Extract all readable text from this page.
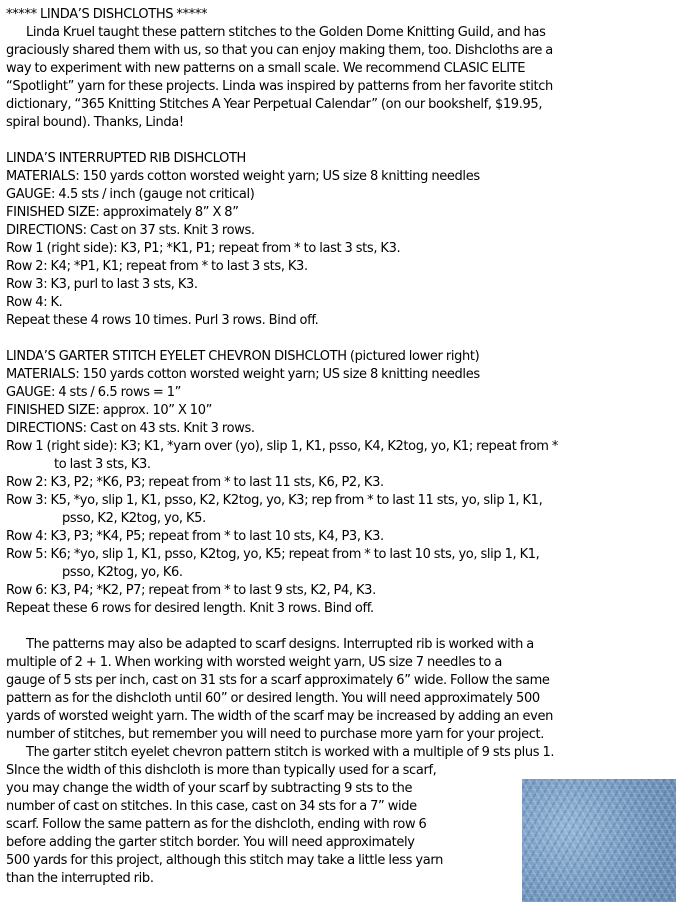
***** LINDA’S DISHCLOTHS *****
Linda Kruel taught these pattern stitches to the Golden Dome Knitting Guild, and has
graciously shared them with us, so that you can enjoy making them, too. Dishcloths are a
way to experiment with new patterns on a small scale. We recommend CLASIC ELITE
“Spotlight” yarn for these projects. Linda was inspired by patterns from her favorite stitch
dictionary, “365 Knitting Stitches A Year Perpetual Calendar” (on our bookshelf, $19.95,
spiral bound). Thanks, Linda!
LINDA’S INTERRUPTED RIB DISHCLOTH
MATERIALS: 150 yards cotton worsted weight yarn; US size 8 knitting needles
GAUGE: 4.5 sts / inch (gauge not critical)
FINISHED SIZE: approximately 8” X 8”
DIRECTIONS: Cast on 37 sts. Knit 3 rows.
Row 1 (right side): K3, P1; *K1, P1; repeat from * to last 3 sts, K3.
Row 2: K4; *P1, K1; repeat from * to last 3 sts, K3.
Row 3: K3, purl to last 3 sts, K3.
Row 4: K.
Repeat these 4 rows 10 times. Purl 3 rows. Bind off.
LINDA’S GARTER STITCH EYELET CHEVRON DISHCLOTH (pictured lower right)
MATERIALS: 150 yards cotton worsted weight yarn; US size 8 knitting needles
GAUGE: 4 sts / 6.5 rows = 1”
FINISHED SIZE: approx. 10” X 10”
DIRECTIONS: Cast on 43 sts. Knit 3 rows.
Row 1 (right side): K3; K1, *yarn over (yo), slip 1, K1, psso, K4, K2tog, yo, K1; repeat from *
to last 3 sts, K3.
Row 2: K3, P2; *K6, P3; repeat from * to last 11 sts, K6, P2, K3.
Row 3: K5, *yo, slip 1, K1, psso, K2, K2tog, yo, K3; rep from * to last 11 sts, yo, slip 1, K1,
psso, K2, K2tog, yo, K5.
Row 4: K3, P3; *K4, P5; repeat from * to last 10 sts, K4, P3, K3.
Row 5: K6; *yo, slip 1, K1, psso, K2tog, yo, K5; repeat from * to last 10 sts, yo, slip 1, K1,
psso, K2tog, yo, K6.
Row 6: K3, P4; *K2, P7; repeat from * to last 9 sts, K2, P4, K3.
Repeat these 6 rows for desired length. Knit 3 rows. Bind off.
The patterns may also be adapted to scarf designs. Interrupted rib is worked with a
multiple of 2 + 1. When working with worsted weight yarn, US size 7 needles to a
gauge of 5 sts per inch, cast on 31 sts for a scarf approximately 6” wide. Follow the same
pattern as for the dishcloth until 60” or desired length. You will need approximately 500
yards of worsted weight yarn. The width of the scarf may be increased by adding an even
number of stitches, but remember you will need to purchase more yarn for your project.
The garter stitch eyelet chevron pattern stitch is worked with a multiple of 9 sts plus 1.
SInce the width of this dishcloth is more than typically used for a scarf,
you may change the width of your scarf by subtracting 9 sts to the
number of cast on stitches. In this case, cast on 34 sts for a 7” wide
scarf. Follow the same pattern as for the dishcloth, ending with row 6
before adding the garter stitch border. You will need approximately
500 yards for this project, although this stitch may take a little less yarn
than the interrupted rib.
